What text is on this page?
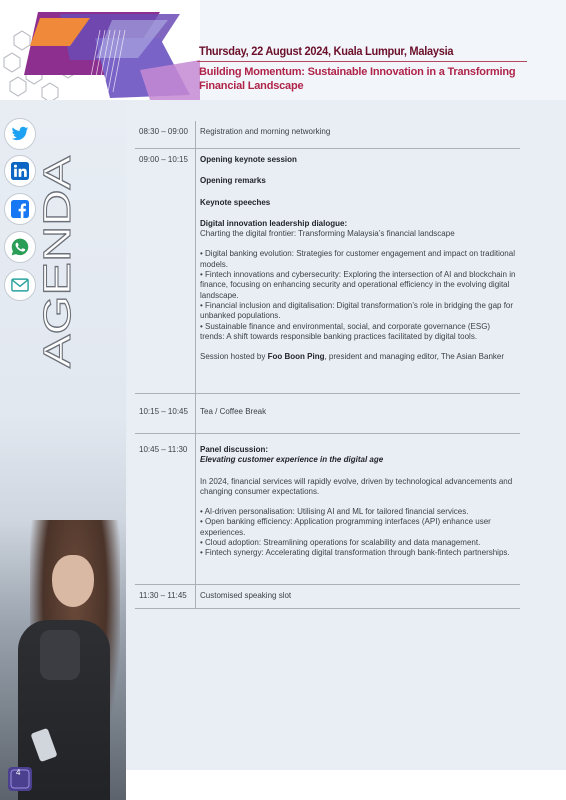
AGENDA
Thursday, 22 August 2024, Kuala Lumpur, Malaysia
Building Momentum: Sustainable Innovation in a Transforming Financial Landscape
08:30 – 09:00	Registration and morning networking
09:00 – 10:15	Opening keynote session

Opening remarks

Keynote speeches

Digital innovation leadership dialogue:

Charting the digital frontier: Transforming Malaysia’s financial landscape

• Digital banking evolution: Strategies for customer engagement and impact on traditional models.

• Fintech innovations and cybersecurity: Exploring the intersection of AI and blockchain in finance, focusing on enhancing security and operational efficiency in the evolving digital landscape.

• Financial inclusion and digitalisation: Digital transformation’s role in bridging the gap for unbanked populations.

• Sustainable finance and environmental, social, and corporate governance (ESG) trends: A shift towards responsible banking practices facilitated by digital tools.

Session hosted by Foo Boon Ping, president and managing editor, The Asian Banker

10:15 – 10:45	Tea / Coffee Break
10:45 – 11:30	Panel discussion:

Elevating customer experience in the digital age

In 2024, financial services will rapidly evolve, driven by technological advancements and changing consumer expectations.

• AI-driven personalisation: Utilising AI and ML for tailored financial services.

• Open banking efficiency: Application programming interfaces (API) enhance user experiences.

• Cloud adoption: Streamlining operations for scalability and data management.

• Fintech synergy: Accelerating digital transformation through bank-fintech partnerships.

11:30 – 11:45	Customised speaking slot
4
